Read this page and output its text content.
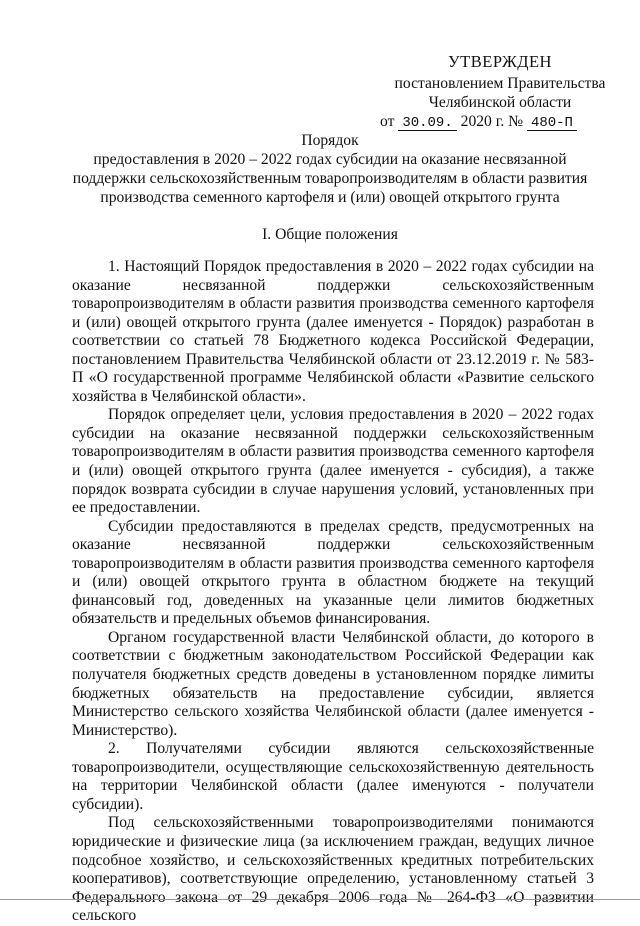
УТВЕРЖДЕН
постановлением Правительства
Челябинской области
от 30.09. 2020 г. № 480-П
Порядок
предоставления в 2020 – 2022 годах субсидии на оказание несвязанной
поддержки сельскохозяйственным товаропроизводителям в области развития
производства семенного картофеля и (или) овощей открытого грунта
I. Общие положения

1. Настоящий Порядок предоставления в 2020 – 2022 годах субсидии на оказание несвязанной поддержки сельскохозяйственным товаропроизводителям в области развития производства семенного картофеля и (или) овощей открытого грунта (далее именуется - Порядок) разработан в соответствии со статьей 78 Бюджетного кодекса Российской Федерации, постановлением Правительства Челябинской области от 23.12.2019 г. № 583-П «О государственной программе Челябинской области «Развитие сельского хозяйства в Челябинской области».

Порядок определяет цели, условия предоставления в 2020 – 2022 годах субсидии на оказание несвязанной поддержки сельскохозяйственным товаропроизводителям в области развития производства семенного картофеля и (или) овощей открытого грунта (далее именуется - субсидия), а также порядок возврата субсидии в случае нарушения условий, установленных при ее предоставлении.

Субсидии предоставляются в пределах средств, предусмотренных на оказание несвязанной поддержки сельскохозяйственным товаропроизводителям в области развития производства семенного картофеля и (или) овощей открытого грунта в областном бюджете на текущий финансовый год, доведенных на указанные цели лимитов бюджетных обязательств и предельных объемов финансирования.

Органом государственной власти Челябинской области, до которого в соответствии с бюджетным законодательством Российской Федерации как получателя бюджетных средств доведены в установленном порядке лимиты бюджетных обязательств на предоставление субсидии, является Министерство сельского хозяйства Челябинской области (далее именуется - Министерство).

2. Получателями субсидии являются сельскохозяйственные товаропроизводители, осуществляющие сельскохозяйственную деятельность на территории Челябинской области (далее именуются - получатели субсидии).

Под сельскохозяйственными товаропроизводителями понимаются юридические и физические лица (за исключением граждан, ведущих личное подсобное хозяйство, и сельскохозяйственных кредитных потребительских кооперативов), соответствующие определению, установленному статьей 3 Федерального закона от 29 декабря 2006 года № 264-ФЗ «О развитии сельского
